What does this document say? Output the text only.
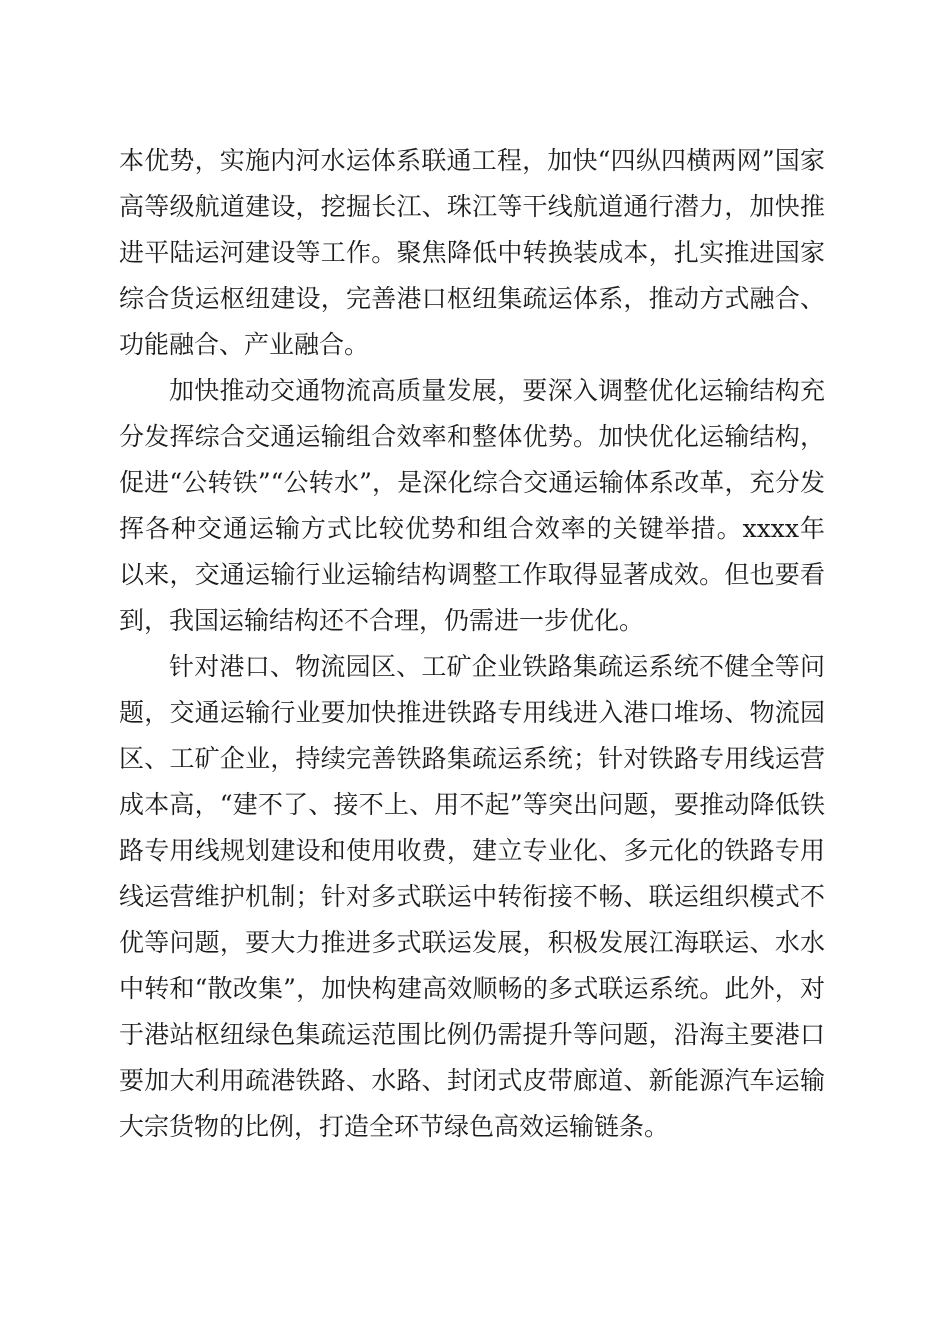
本优势，实施内河水运体系联通工程，加快“四纵四横两网”国家高等级航道建设，挖掘长江、珠江等干线航道通行潜力，加快推进平陆运河建设等工作。聚焦降低中转换装成本，扎实推进国家综合货运枢纽建设，完善港口枢纽集疏运体系，推动方式融合、功能融合、产业融合。

加快推动交通物流高质量发展，要深入调整优化运输结构充分发挥综合交通运输组合效率和整体优势。加快优化运输结构，促进“公转铁”“公转水”，是深化综合交通运输体系改革，充分发挥各种交通运输方式比较优势和组合效率的关键举措。xxxx年以来，交通运输行业运输结构调整工作取得显著成效。但也要看到，我国运输结构还不合理，仍需进一步优化。

针对港口、物流园区、工矿企业铁路集疏运系统不健全等问题，交通运输行业要加快推进铁路专用线进入港口堆场、物流园区、工矿企业，持续完善铁路集疏运系统；针对铁路专用线运营成本高，“建不了、接不上、用不起”等突出问题，要推动降低铁路专用线规划建设和使用收费，建立专业化、多元化的铁路专用线运营维护机制；针对多式联运中转衔接不畅、联运组织模式不优等问题，要大力推进多式联运发展，积极发展江海联运、水水中转和“散改集”，加快构建高效顺畅的多式联运系统。此外，对于港站枢纽绿色集疏运范围比例仍需提升等问题，沿海主要港口要加大利用疏港铁路、水路、封闭式皮带廊道、新能源汽车运输大宗货物的比例，打造全环节绿色高效运输链条。
